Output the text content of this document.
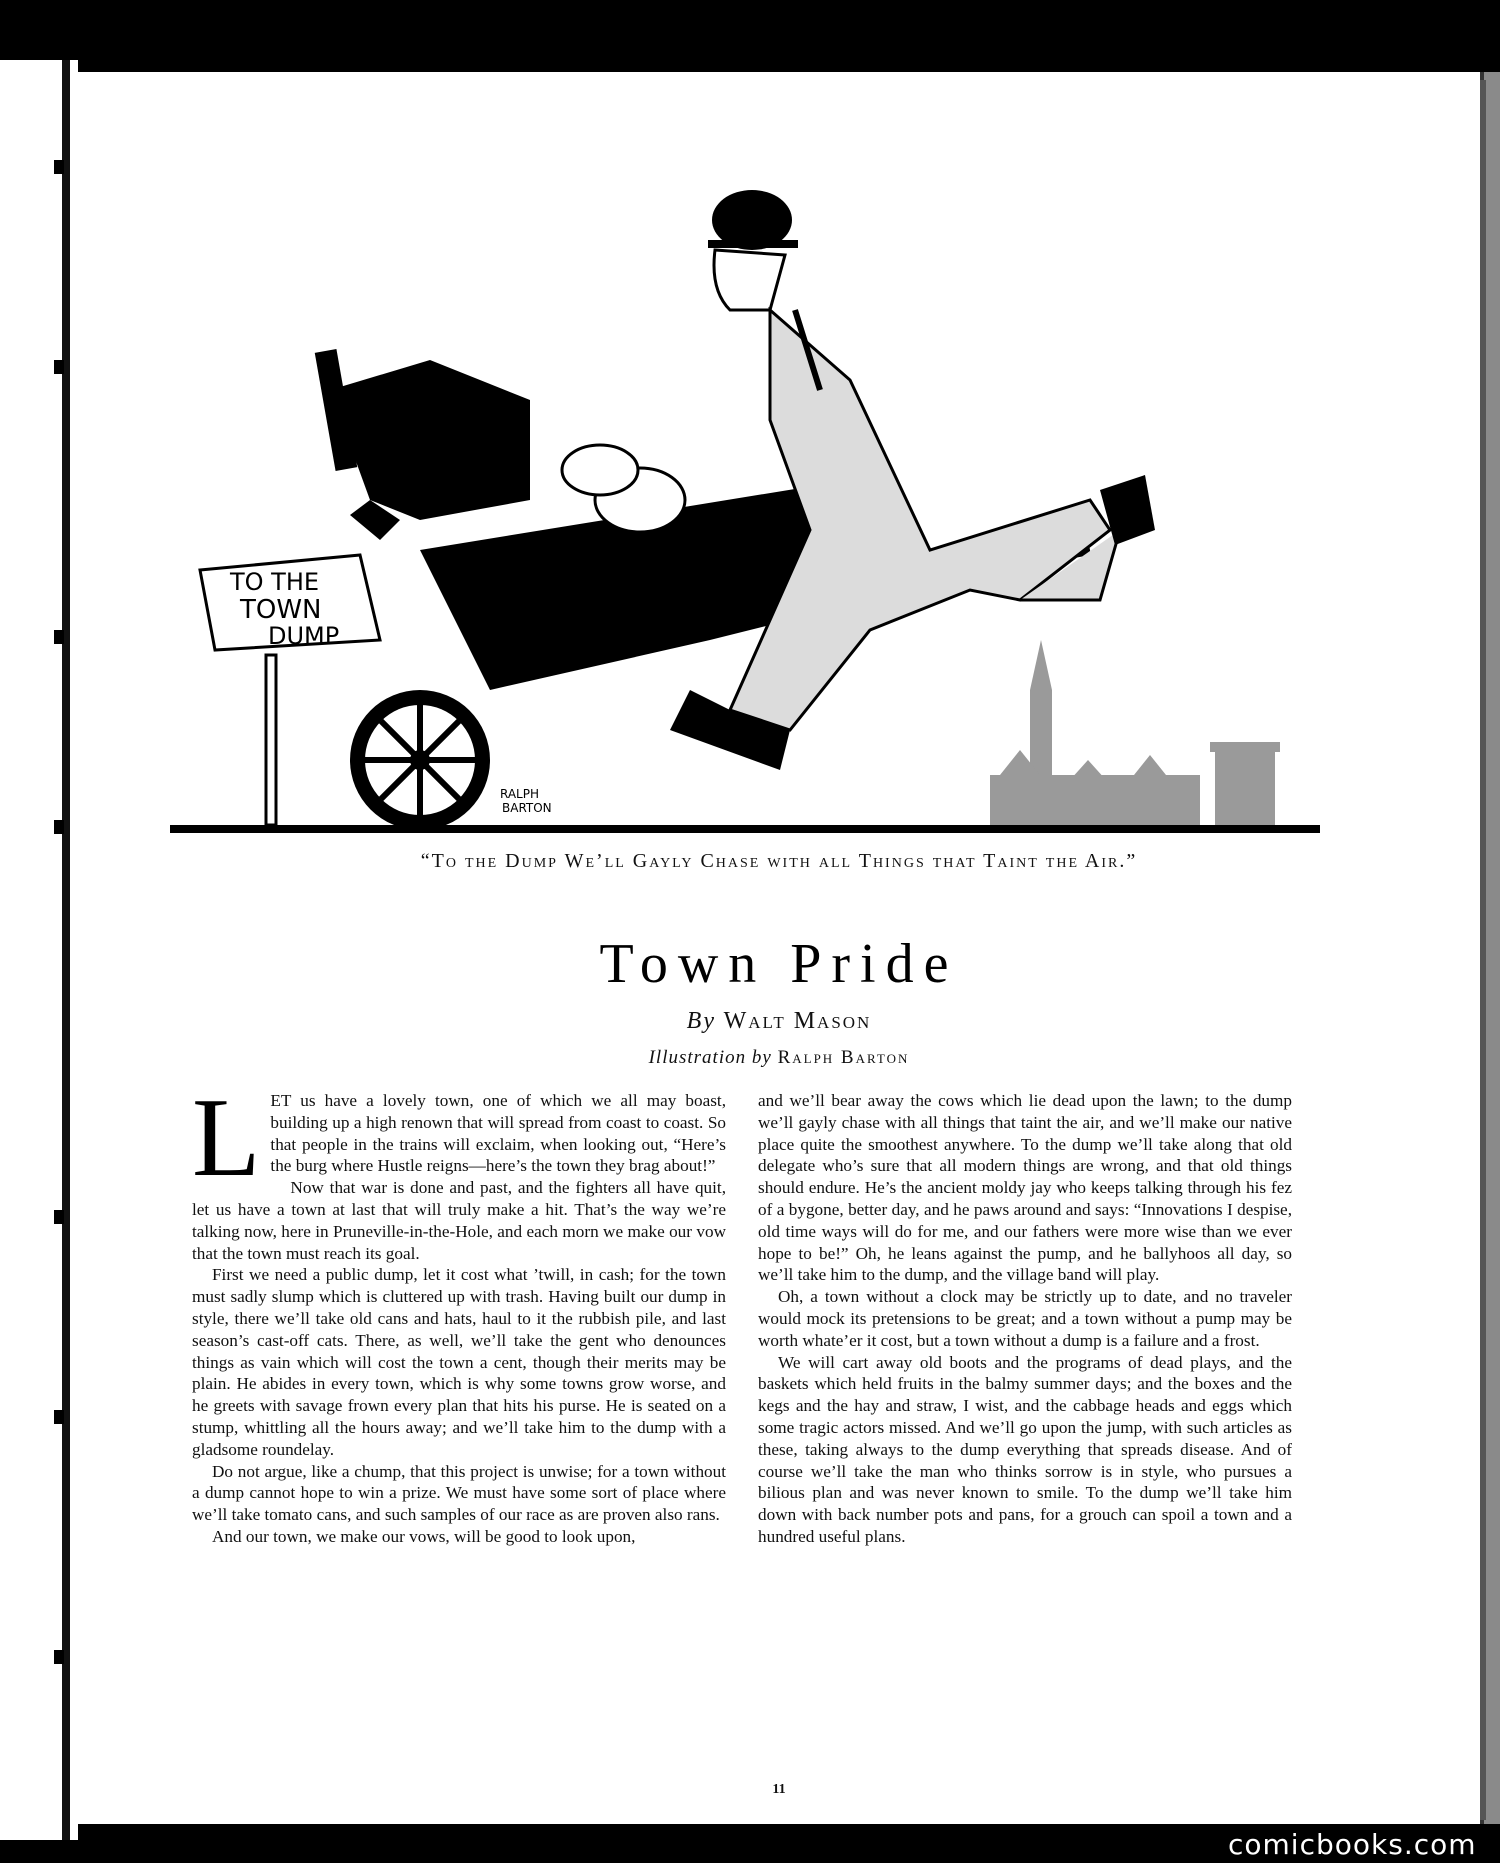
TO THE
TOWN
DUMP
RALPH
BARTON
“To the Dump We’ll Gayly Chase with all Things that Taint the Air.”
Town Pride
By Walt Mason
Illustration by Ralph Barton

LET us have a lovely town, one of which we all may boast, building up a high renown that will spread from coast to coast. So that people in the trains will exclaim, when looking out, “Here’s the burg where Hustle reigns—here’s the town they brag about!”

Now that war is done and past, and the fighters all have quit, let us have a town at last that will truly make a hit. That’s the way we’re talking now, here in Pruneville-in-the-Hole, and each morn we make our vow that the town must reach its goal.

First we need a public dump, let it cost what ’twill, in cash; for the town must sadly slump which is cluttered up with trash. Having built our dump in style, there we’ll take old cans and hats, haul to it the rubbish pile, and last season’s cast-off cats. There, as well, we’ll take the gent who denounces things as vain which will cost the town a cent, though their merits may be plain. He abides in every town, which is why some towns grow worse, and he greets with savage frown every plan that hits his purse. He is seated on a stump, whittling all the hours away; and we’ll take him to the dump with a gladsome roundelay.

Do not argue, like a chump, that this project is unwise; for a town without a dump cannot hope to win a prize. We must have some sort of place where we’ll take tomato cans, and such samples of our race as are proven also rans.

And our town, we make our vows, will be good to look upon,

and we’ll bear away the cows which lie dead upon the lawn; to the dump we’ll gayly chase with all things that taint the air, and we’ll make our native place quite the smoothest anywhere. To the dump we’ll take along that old delegate who’s sure that all modern things are wrong, and that old things should endure. He’s the ancient moldy jay who keeps talking through his fez of a bygone, better day, and he paws around and says: “Innovations I despise, old time ways will do for me, and our fathers were more wise than we ever hope to be!” Oh, he leans against the pump, and he ballyhoos all day, so we’ll take him to the dump, and the village band will play.

Oh, a town without a clock may be strictly up to date, and no traveler would mock its pretensions to be great; and a town without a pump may be worth whate’er it cost, but a town without a dump is a failure and a frost.

We will cart away old boots and the programs of dead plays, and the baskets which held fruits in the balmy summer days; and the boxes and the kegs and the hay and straw, I wist, and the cabbage heads and eggs which some tragic actors missed. And we’ll go upon the jump, with such articles as these, taking always to the dump everything that spreads disease. And of course we’ll take the man who thinks sorrow is in style, who pursues a bilious plan and was never known to smile. To the dump we’ll take him down with back number pots and pans, for a grouch can spoil a town and a hundred useful plans.

11
comicbooks.com
